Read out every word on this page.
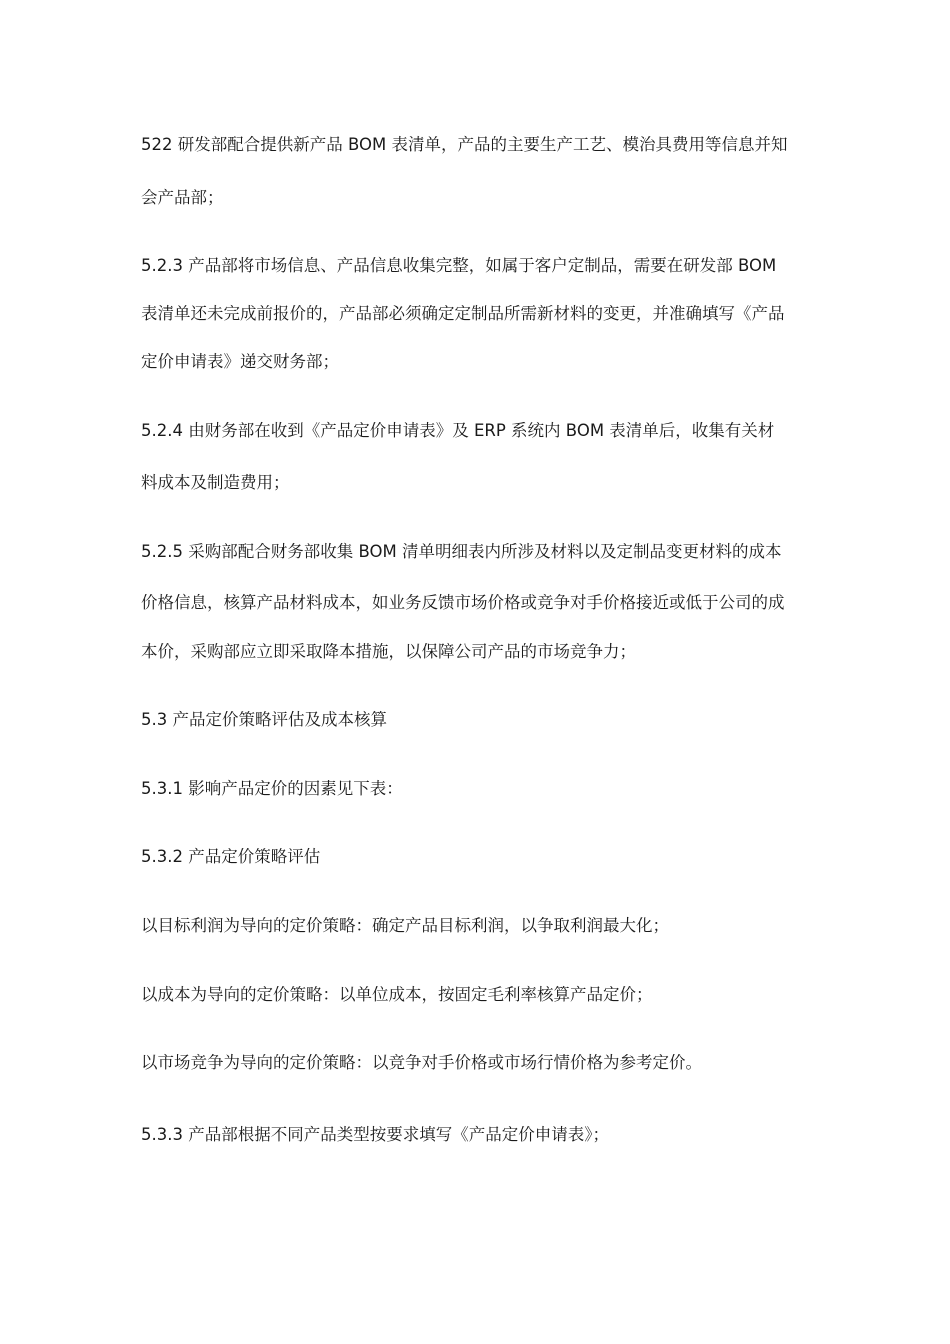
522 研发部配合提供新产品 BOM 表清单，产品的主要生产工艺、模治具费用等信息并知
会产品部；
5.2.3 产品部将市场信息、产品信息收集完整，如属于客户定制品，需要在研发部 BOM
表清单还未完成前报价的，产品部必须确定定制品所需新材料的变更，并准确填写《产品
定价申请表》递交财务部；
5.2.4 由财务部在收到《产品定价申请表》及 ERP 系统内 BOM 表清单后，收集有关材
料成本及制造费用；
5.2.5 采购部配合财务部收集 BOM 清单明细表内所涉及材料以及定制品变更材料的成本
价格信息，核算产品材料成本，如业务反馈市场价格或竞争对手价格接近或低于公司的成
本价，采购部应立即采取降本措施，以保障公司产品的市场竞争力；
5.3 产品定价策略评估及成本核算
5.3.1 影响产品定价的因素见下表：
5.3.2 产品定价策略评估
以目标利润为导向的定价策略：确定产品目标利润，以争取利润最大化；
以成本为导向的定价策略：以单位成本，按固定毛利率核算产品定价；
以市场竞争为导向的定价策略：以竞争对手价格或市场行情价格为参考定价。
5.3.3 产品部根据不同产品类型按要求填写《产品定价申请表》；
